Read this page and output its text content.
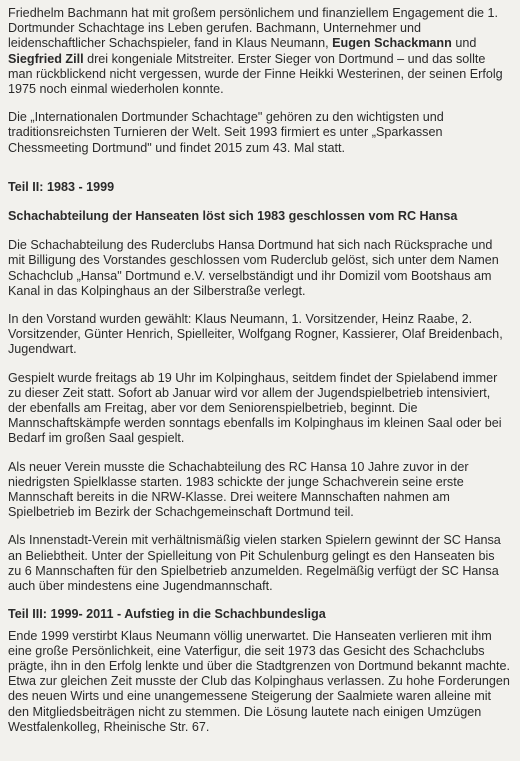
Friedhelm Bachmann hat mit großem persönlichem und finanziellem Engagement die 1. Dortmunder Schachtage ins Leben gerufen. Bachmann, Unternehmer und leidenschaftlicher Schachspieler, fand in Klaus Neumann, Eugen Schackmann und Siegfried Zill drei kongeniale Mitstreiter. Erster Sieger von Dortmund – und das sollte man rückblickend nicht vergessen, wurde der Finne Heikki Westerinen, der seinen Erfolg 1975 noch einmal wiederholen konnte.

Die „Internationalen Dortmunder Schachtage" gehören zu den wichtigsten und traditionsreichsten Turnieren der Welt. Seit 1993 firmiert es unter „Sparkassen Chessmeeting Dortmund" und findet 2015 zum 43. Mal statt.

Teil II: 1983 - 1999

Schachabteilung der Hanseaten löst sich 1983 geschlossen vom RC Hansa

Die Schachabteilung des Ruderclubs Hansa Dortmund hat sich nach Rücksprache und mit Billigung des Vorstandes geschlossen vom Ruderclub gelöst, sich unter dem Namen Schachclub „Hansa" Dortmund e.V. verselbständigt und ihr Domizil vom Bootshaus am Kanal in das Kolpinghaus an der Silberstraße verlegt.

In den Vorstand wurden gewählt: Klaus Neumann, 1. Vorsitzender, Heinz Raabe, 2. Vorsitzender, Günter Henrich, Spielleiter, Wolfgang Rogner, Kassierer, Olaf Breidenbach, Jugendwart.

Gespielt wurde freitags ab 19 Uhr im Kolpinghaus, seitdem findet der Spielabend immer zu dieser Zeit statt. Sofort ab Januar wird vor allem der Jugendspielbetrieb intensiviert, der ebenfalls am Freitag, aber vor dem Seniorenspielbetrieb, beginnt. Die Mannschaftskämpfe werden sonntags ebenfalls im Kolpinghaus im kleinen Saal oder bei Bedarf im großen Saal gespielt.

Als neuer Verein musste die Schachabteilung des RC Hansa 10 Jahre zuvor in der niedrigsten Spielklasse starten. 1983 schickte der junge Schachverein seine erste Mannschaft bereits in die NRW-Klasse. Drei weitere Mannschaften nahmen am Spielbetrieb im Bezirk der Schachgemeinschaft Dortmund teil.

Als Innenstadt-Verein mit verhältnismäßig vielen starken Spielern gewinnt der SC Hansa an Beliebtheit. Unter der Spielleitung von Pit Schulenburg gelingt es den Hanseaten bis zu 6 Mannschaften für den Spielbetrieb anzumelden. Regelmäßig verfügt der SC Hansa auch über mindestens eine Jugendmannschaft.

Teil III: 1999- 2011 - Aufstieg in die Schachbundesliga

Ende 1999 verstirbt Klaus Neumann völlig unerwartet. Die Hanseaten verlieren mit ihm eine große Persönlichkeit, eine Vaterfigur, die seit 1973 das Gesicht des Schachclubs prägte, ihn in den Erfolg lenkte und über die Stadtgrenzen von Dortmund bekannt machte. Etwa zur gleichen Zeit musste der Club das Kolpinghaus verlassen. Zu hohe Forderungen des neuen Wirts und eine unangemessene Steigerung der Saalmiete waren alleine mit den Mitgliedsbeiträgen nicht zu stemmen. Die Lösung lautete nach einigen Umzügen Westfalenkolleg, Rheinische Str. 67.
